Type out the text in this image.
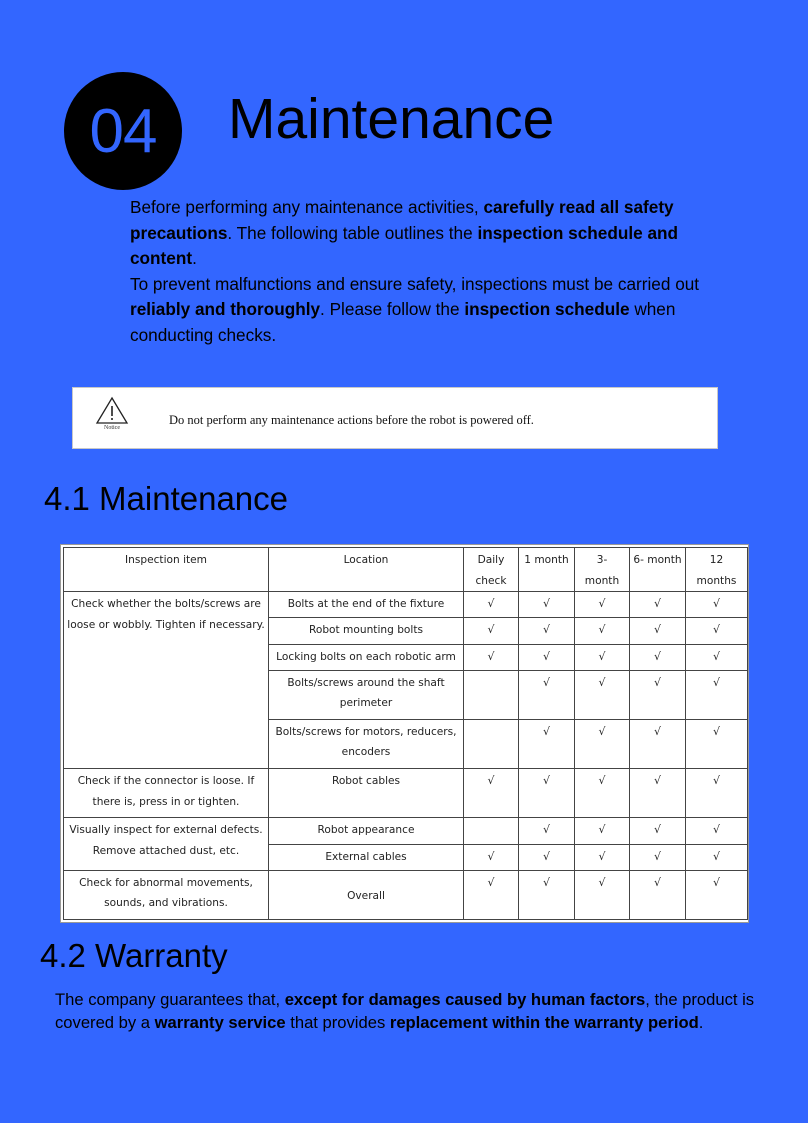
04 Maintenance

Before performing any maintenance activities, carefully read all safety precautions. The following table outlines the inspection schedule and content.

To prevent malfunctions and ensure safety, inspections must be carried out reliably and thoroughly. Please follow the inspection schedule when conducting checks.

Notice
Do not perform any maintenance actions before the robot is powered off.
4.1 Maintenance
Inspection item	Location	Daily check	1 month	3- month	6- month	12 months
Check whether the bolts/screws are loose or wobbly. Tighten if necessary.	Bolts at the end of the fixture	√	√	√	√	√
	Robot mounting bolts	√	√	√	√	√
	Locking bolts on each robotic arm	√	√	√	√	√
	Bolts/screws around the shaft perimeter		√	√	√	√
	Bolts/screws for motors, reducers, encoders		√	√	√	√
Check if the connector is loose. If there is, press in or tighten.	Robot cables	√	√	√	√	√
Visually inspect for external defects. Remove attached dust, etc.	Robot appearance		√	√	√	√
	External cables	√	√	√	√	√
Check for abnormal movements, sounds, and vibrations.	Overall	√	√	√	√	√
4.2 Warranty

The company guarantees that, except for damages caused by human factors, the product is covered by a warranty service that provides replacement within the warranty period.
